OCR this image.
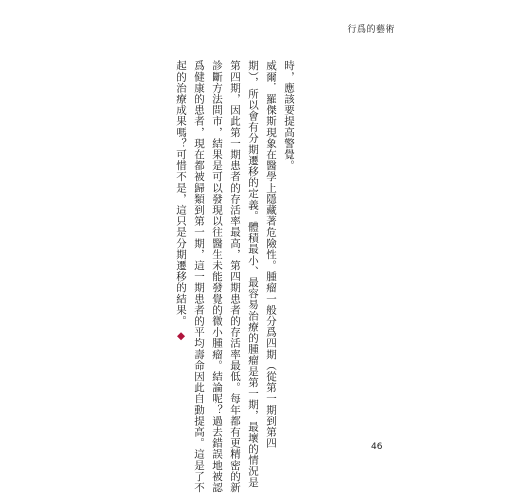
行爲的藝術

時，應該要提高警覺。

威爾．羅傑斯現象在醫學上隱藏著危險性。腫瘤一般分爲四期（從第一期到第四

期），所以會有分期遷移的定義。體積最小、最容易治療的腫瘤是第一期，最壞的情況是

第四期，因此第一期患者的存活率最高，第四期患者的存活率最低。每年都有更精密的新

診斷方法問市，結果是可以發現以往醫生未能發覺的微小腫瘤。結論呢？過去錯誤地被認

爲健康的患者，現在都被歸類到第一期，這一期患者的平均壽命因此自動提高。這是了不

起的治療成果嗎？可惜不是，這只是分期遷移的結果。◆

46
